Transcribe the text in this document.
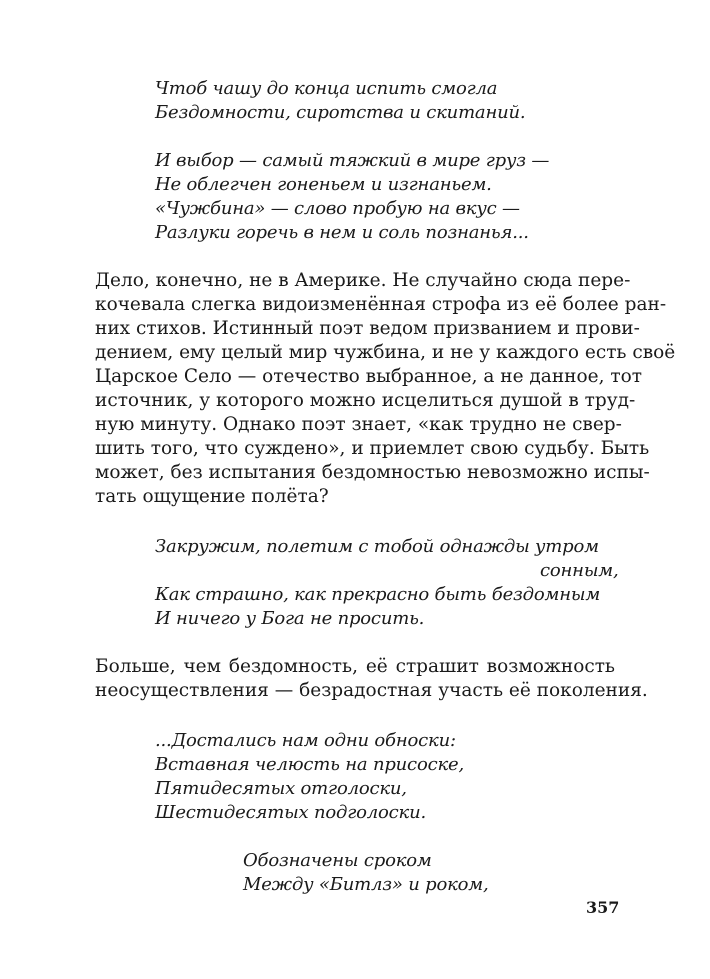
Чтоб чашу до конца испить смогла
Бездомности, сиротства и скитаний.
И выбор — самый тяжкий в мире груз —
Не облегчен гоненьем и изгнаньем.
«Чужбина» — слово пробую на вкус —
Разлуки горечь в нем и соль познанья...
Дело, конечно, не в Америке. Не случайно сюда пере-
кочевала слегка видоизменённая строфа из её более ран-
них стихов. Истинный поэт ведом призванием и прови-
дением, ему целый мир чужбина, и не у каждого есть своё
Царское Село — отечество выбранное, а не данное, тот
источник, у которого можно исцелиться душой в труд-
ную минуту. Однако поэт знает, «как трудно не свер-
шить того, что суждено», и приемлет свою судьбу. Быть
может, без испытания бездомностью невозможно испы-
тать ощущение полёта?
Закружим, полетим с тобой однажды утром
сонным,
Как страшно, как прекрасно быть бездомным
И ничего у Бога не просить.
Больше, чем бездомность, её страшит возможность
неосуществления — безрадостная участь её поколения.
...Достались нам одни обноски:
Вставная челюсть на присоске,
Пятидесятых отголоски,
Шестидесятых подголоски.
Обозначены сроком
Между «Битлз» и роком,
357
